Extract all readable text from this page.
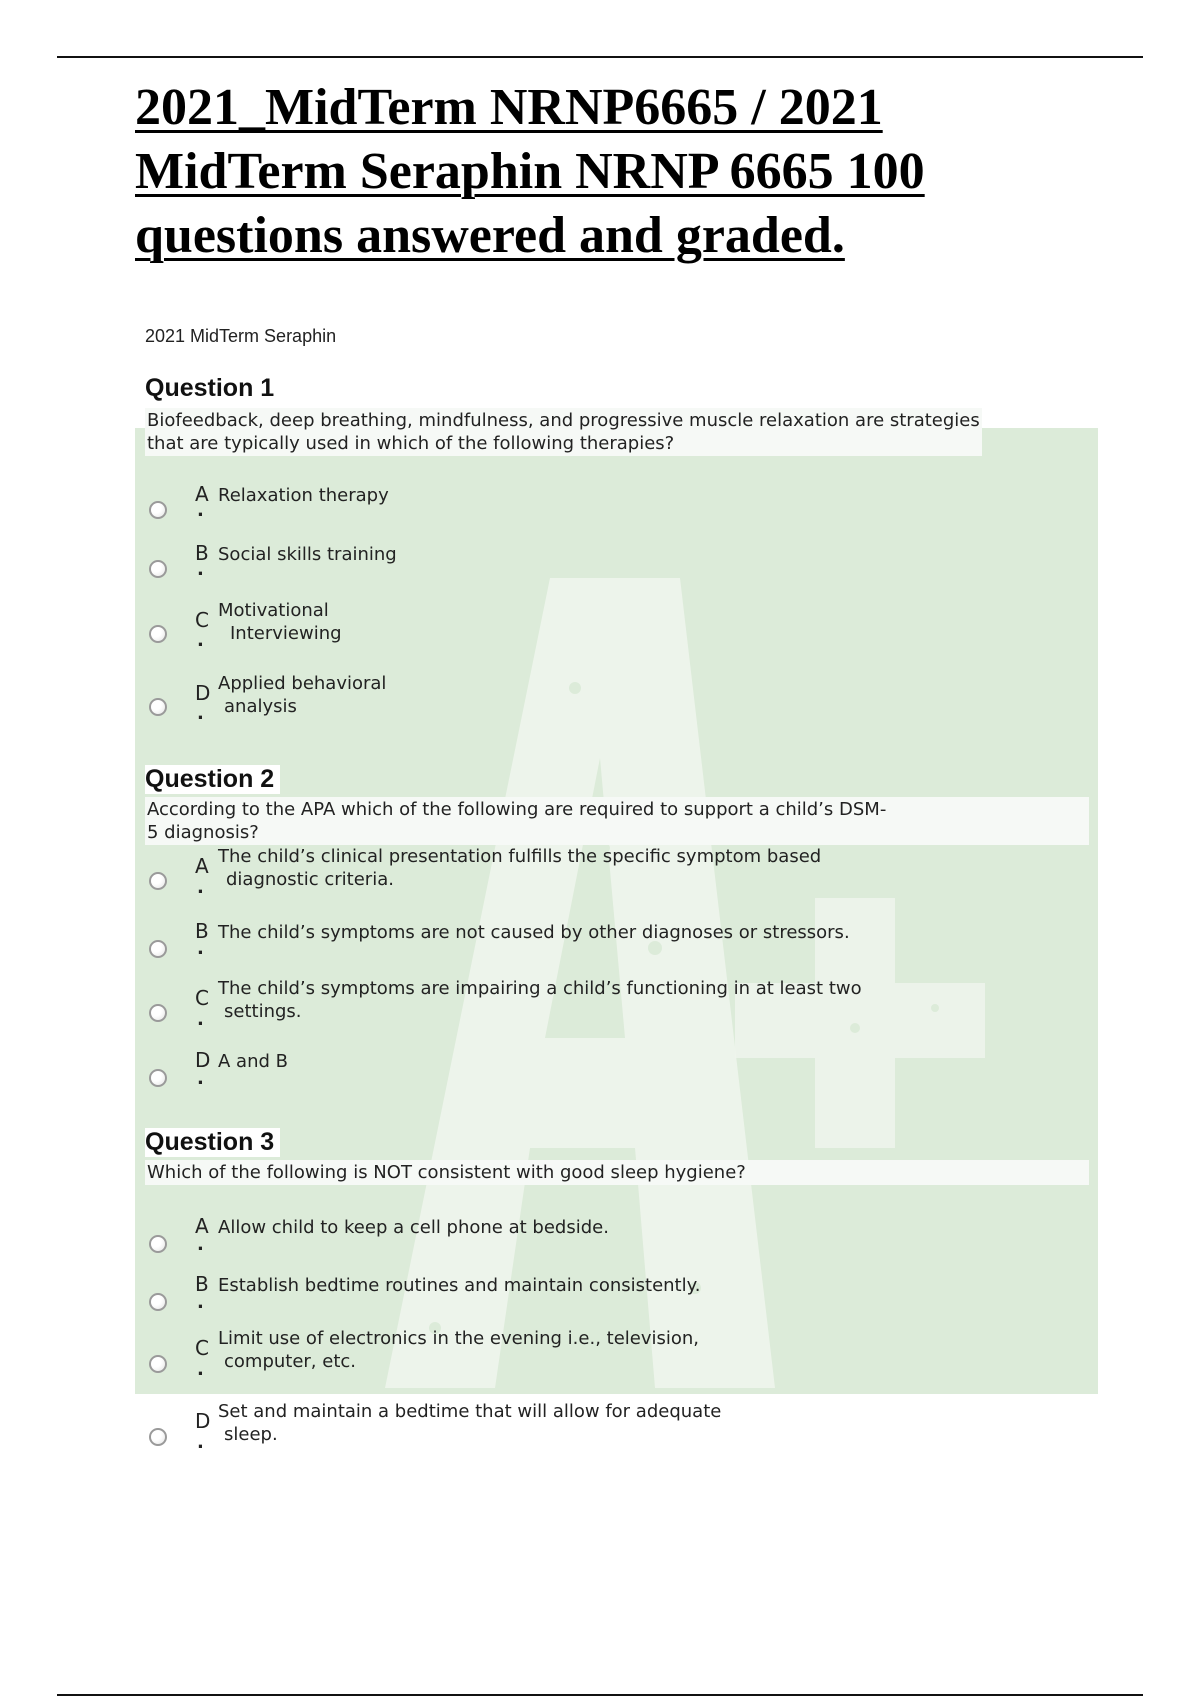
2021_MidTerm NRNP6665 / 2021 MidTerm Seraphin NRNP 6665 100 questions answered and graded.
2021 MidTerm Seraphin
Question 1
Biofeedback, deep breathing, mindfulness, and progressive muscle relaxation are strategies
that are typically used in which of the following therapies?
A
.
Relaxation therapy
B
.
Social skills training
C
.
Motivational
Interviewing
D
.
Applied behavioral
analysis
Question 2
According to the APA which of the following are required to support a child’s DSM-
5 diagnosis?
A
.
The child’s clinical presentation fulfills the specific symptom based
diagnostic criteria.
B
.
The child’s symptoms are not caused by other diagnoses or stressors.
C
.
The child’s symptoms are impairing a child’s functioning in at least two
settings.
D
.
A and B
Question 3
Which of the following is NOT consistent with good sleep hygiene?
A
.
Allow child to keep a cell phone at bedside.
B
.
Establish bedtime routines and maintain consistently.
C
.
Limit use of electronics in the evening i.e., television,
computer, etc.
D
.
Set and maintain a bedtime that will allow for adequate
sleep.
